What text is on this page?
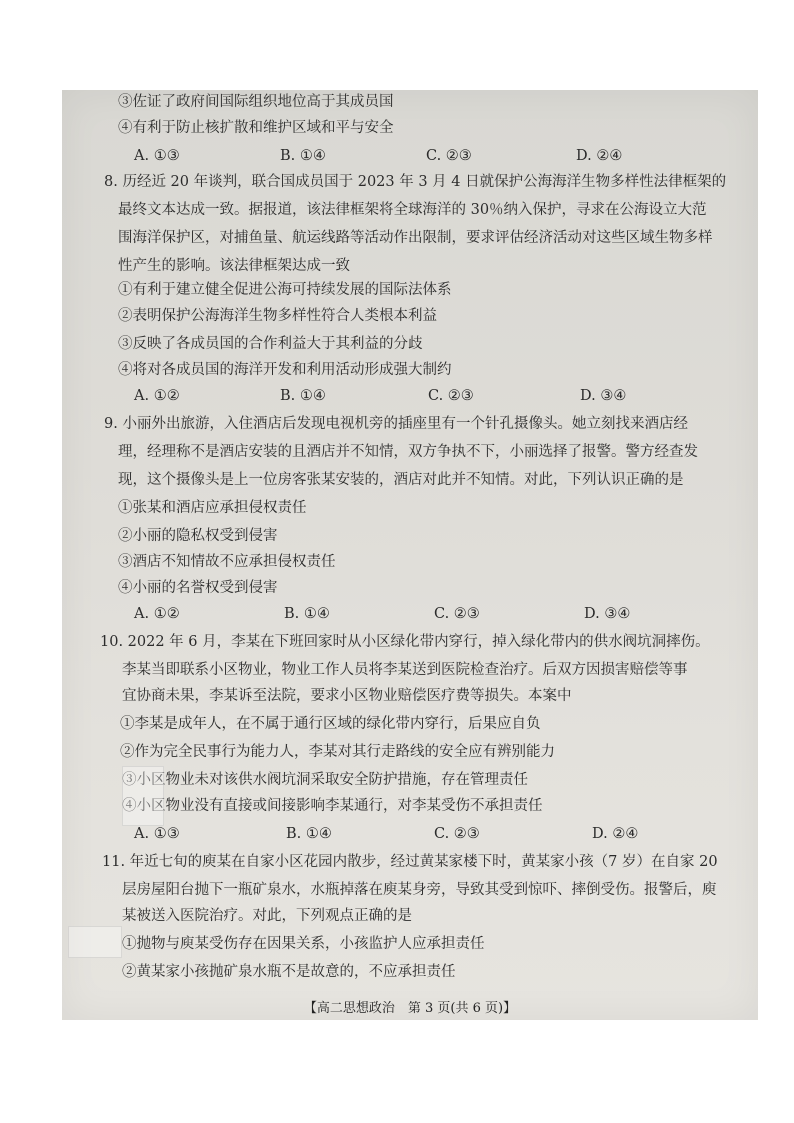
③佐证了政府间国际组织地位高于其成员国
④有利于防止核扩散和维护区域和平与安全
A. ①③	B. ①④	C. ②③	D. ②④
8. 历经近 20 年谈判，联合国成员国于 2023 年 3 月 4 日就保护公海海洋生物多样性法律框架的
最终文本达成一致。据报道，该法律框架将全球海洋的 30％纳入保护，寻求在公海设立大范
围海洋保护区，对捕鱼量、航运线路等活动作出限制，要求评估经济活动对这些区域生物多样
性产生的影响。该法律框架达成一致
①有利于建立健全促进公海可持续发展的国际法体系
②表明保护公海海洋生物多样性符合人类根本利益
③反映了各成员国的合作利益大于其利益的分歧
④将对各成员国的海洋开发和利用活动形成强大制约
A. ①②	B. ①④	C. ②③	D. ③④
9. 小丽外出旅游，入住酒店后发现电视机旁的插座里有一个针孔摄像头。她立刻找来酒店经
理，经理称不是酒店安装的且酒店并不知情，双方争执不下，小丽选择了报警。警方经查发
现，这个摄像头是上一位房客张某安装的，酒店对此并不知情。对此，下列认识正确的是
①张某和酒店应承担侵权责任
②小丽的隐私权受到侵害
③酒店不知情故不应承担侵权责任
④小丽的名誉权受到侵害
A. ①②	B. ①④	C. ②③	D. ③④
10. 2022 年 6 月，李某在下班回家时从小区绿化带内穿行，掉入绿化带内的供水阀坑洞摔伤。
李某当即联系小区物业，物业工作人员将李某送到医院检查治疗。后双方因损害赔偿等事
宜协商未果，李某诉至法院，要求小区物业赔偿医疗费等损失。本案中
①李某是成年人，在不属于通行区域的绿化带内穿行，后果应自负
②作为完全民事行为能力人，李某对其行走路线的安全应有辨别能力
③小区物业未对该供水阀坑洞采取安全防护措施，存在管理责任
④小区物业没有直接或间接影响李某通行，对李某受伤不承担责任
A. ①③	B. ①④	C. ②③	D. ②④
11. 年近七旬的庾某在自家小区花园内散步，经过黄某家楼下时，黄某家小孩（7 岁）在自家 20
层房屋阳台抛下一瓶矿泉水，水瓶掉落在庾某身旁，导致其受到惊吓、摔倒受伤。报警后，庾
某被送入医院治疗。对此，下列观点正确的是
①抛物与庾某受伤存在因果关系，小孩监护人应承担责任
②黄某家小孩抛矿泉水瓶不是故意的，不应承担责任
【高二思想政治　第 3 页(共 6 页)】
